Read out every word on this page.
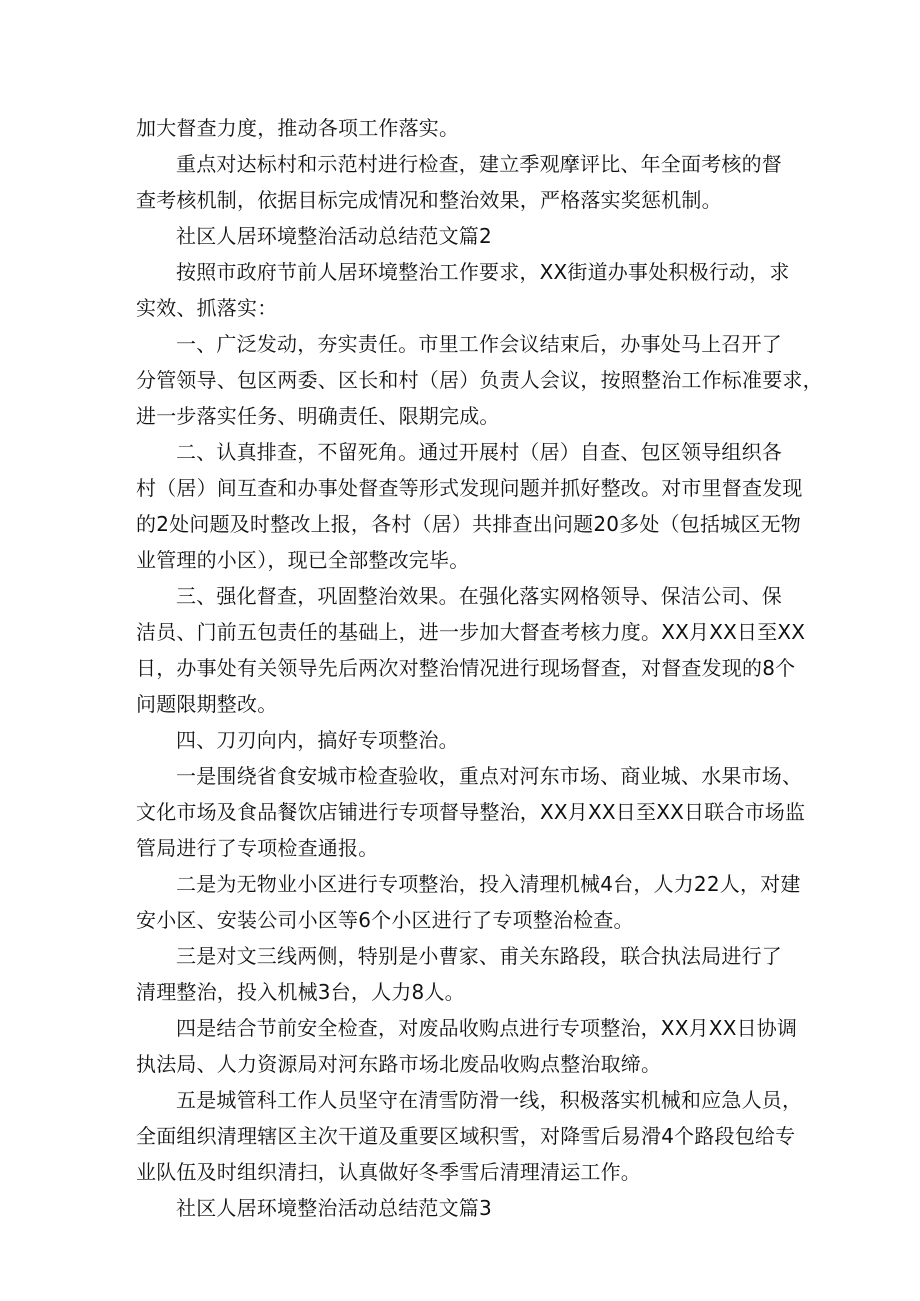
加大督查力度，推动各项工作落实。

重点对达标村和示范村进行检查，建立季观摩评比、年全面考核的督
查考核机制，依据目标完成情况和整治效果，严格落实奖惩机制。

社区人居环境整治活动总结范文篇2

按照市政府节前人居环境整治工作要求，XX街道办事处积极行动，求
实效、抓落实：

一、广泛发动，夯实责任。市里工作会议结束后，办事处马上召开了
分管领导、包区两委、区长和村（居）负责人会议，按照整治工作标准要求，
进一步落实任务、明确责任、限期完成。

二、认真排查，不留死角。通过开展村（居）自查、包区领导组织各
村（居）间互查和办事处督查等形式发现问题并抓好整改。对市里督查发现
的2处问题及时整改上报，各村（居）共排查出问题20多处（包括城区无物
业管理的小区），现已全部整改完毕。

三、强化督查，巩固整治效果。在强化落实网格领导、保洁公司、保
洁员、门前五包责任的基础上，进一步加大督查考核力度。XX月XX日至XX
日，办事处有关领导先后两次对整治情况进行现场督查，对督查发现的8个
问题限期整改。

四、刀刃向内，搞好专项整治。

一是围绕省食安城市检查验收，重点对河东市场、商业城、水果市场、
文化市场及食品餐饮店铺进行专项督导整治，XX月XX日至XX日联合市场监
管局进行了专项检查通报。

二是为无物业小区进行专项整治，投入清理机械4台，人力22人，对建
安小区、安装公司小区等6个小区进行了专项整治检查。

三是对文三线两侧，特别是小曹家、甫关东路段，联合执法局进行了
清理整治，投入机械3台，人力8人。

四是结合节前安全检查，对废品收购点进行专项整治，XX月XX日协调
执法局、人力资源局对河东路市场北废品收购点整治取缔。

五是城管科工作人员坚守在清雪防滑一线，积极落实机械和应急人员，
全面组织清理辖区主次干道及重要区域积雪，对降雪后易滑4个路段包给专
业队伍及时组织清扫，认真做好冬季雪后清理清运工作。

社区人居环境整治活动总结范文篇3
